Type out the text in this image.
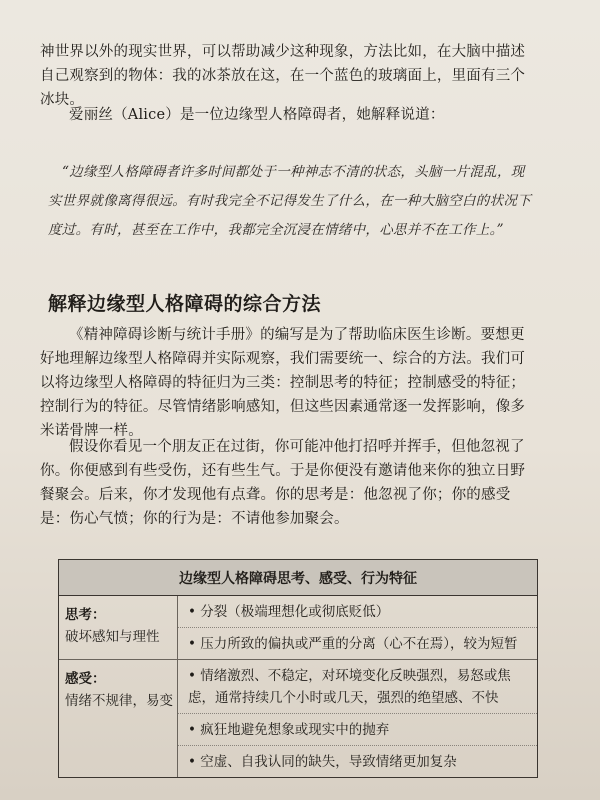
神世界以外的现实世界，可以帮助减少这种现象，方法比如，在大脑中描述自己观察到的物体：我的冰茶放在这，在一个蓝色的玻璃面上，里面有三个冰块。

爱丽丝（Alice）是一位边缘型人格障碍者，她解释说道：

“边缘型人格障碍者许多时间都处于一种神志不清的状态，头脑一片混乱，现实世界就像离得很远。有时我完全不记得发生了什么，在一种大脑空白的状况下度过。有时，甚至在工作中，我都完全沉浸在情绪中，心思并不在工作上。”

解释边缘型人格障碍的综合方法

《精神障碍诊断与统计手册》的编写是为了帮助临床医生诊断。要想更好地理解边缘型人格障碍并实际观察，我们需要统一、综合的方法。我们可以将边缘型人格障碍的特征归为三类：控制思考的特征；控制感受的特征；控制行为的特征。尽管情绪影响感知，但这些因素通常逐一发挥影响，像多米诺骨牌一样。

假设你看见一个朋友正在过街，你可能冲他打招呼并挥手，但他忽视了你。你便感到有些受伤，还有些生气。于是你便没有邀请他来你的独立日野餐聚会。后来，你才发现他有点聋。你的思考是：他忽视了你；你的感受是：伤心气愤；你的行为是：不请他参加聚会。

边缘型人格障碍思考、感受、行为特征
思考：
破坏感知与理性
• 分裂（极端理想化或彻底贬低）
• 压力所致的偏执或严重的分离（心不在焉），较为短暂
感受：
情绪不规律，易变
• 情绪激烈、不稳定，对环境变化反映强烈，易怒或焦虑，通常持续几个小时或几天，强烈的绝望感、不快
• 疯狂地避免想象或现实中的抛弃
• 空虚、自我认同的缺失，导致情绪更加复杂
